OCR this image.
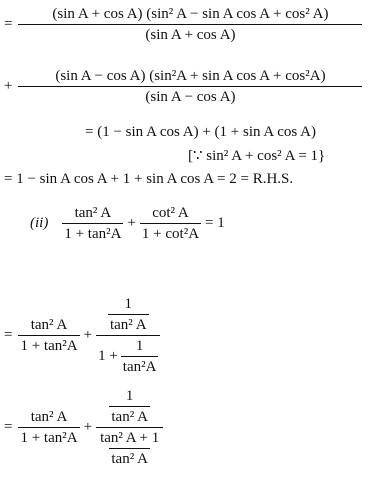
= $\frac{\text{(sin A + cos A) (sin² A − sin A cos A + cos² A)}}{\text{(sin A + cos A)}}$
+ $\frac{\text{(sin A − cos A) (sin²A + sin A cos A + cos²A)}}{\text{(sin A − cos A)}}$
= (1 − sin A cos A) + (1 + sin A cos A)
[∵ sin² A + cos² A = 1}
= 1 − sin A cos A + 1 + sin A cos A = 2 = R.H.S.
$(ii) \frac{\text{tan² A}}{\text{1 + tan²A}} + \frac{\text{cot² A}}{\text{1 + cot²A}} = 1$
= $\frac{\text{tan² A}}{\text{1 + tan²A}} + \frac{\frac{1}{\text{tan² A}}}{1 + \frac{1}{\text{tan²A}}}$
= $\frac{\text{tan² A}}{\text{1 + tan²A}} + \frac{\frac{1}{\text{tan² A}}}{\frac{\text{tan² A + 1}}{\text{tan² A}}}$
